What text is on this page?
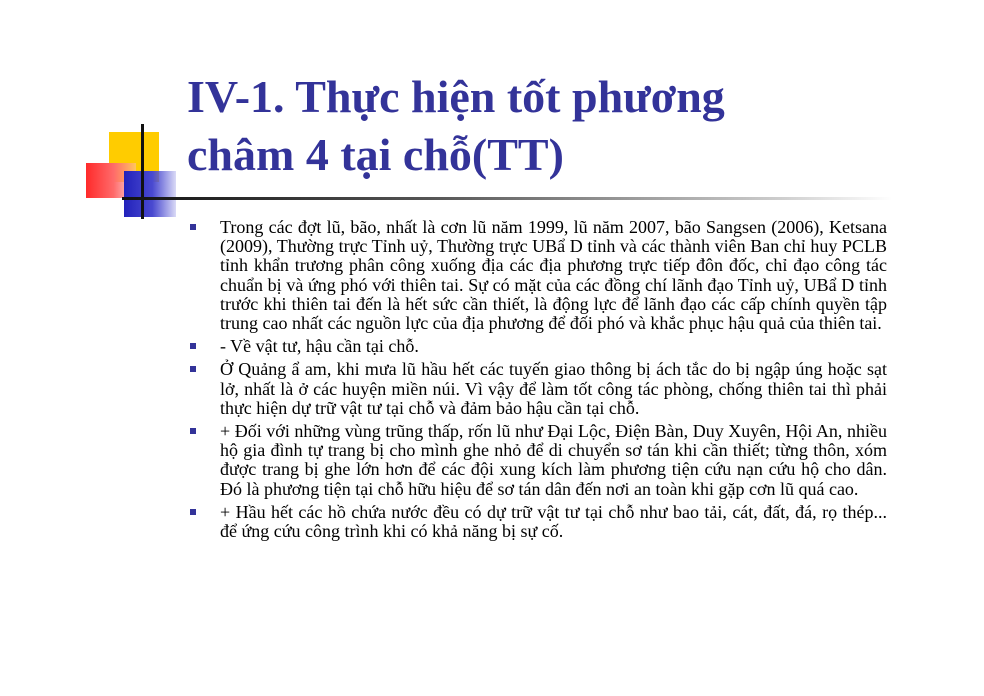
IV-1. Thực hiện tốt phương
châm 4 tại chỗ(TT)
Trong các đợt lũ, bão, nhất là cơn lũ năm 1999, lũ năm 2007, bão Sangsen (2006), Ketsana (2009), Thường trực Tỉnh uỷ, Thường trực UBẩ D tỉnh và các thành viên Ban chỉ huy PCLB tỉnh khẩn trương phân công xuống địa các địa phương trực tiếp đôn đốc, chỉ đạo công tác chuẩn bị và ứng phó với thiên tai. Sự có mặt của các đồng chí lãnh đạo Tỉnh uỷ, UBẩ D tỉnh trước khi thiên tai đến là hết sức cần thiết, là động lực để lãnh đạo các cấp chính quyền tập trung cao nhất các nguồn lực của địa phương để đối phó và khắc phục hậu quả của thiên tai.
- Về vật tư, hậu cần tại chỗ.
Ở Quảng ẩ am, khi mưa lũ hầu hết các tuyến giao thông bị ách tắc do bị ngập úng hoặc sạt lở, nhất là ở các huyện miền núi. Vì vậy để làm tốt công tác phòng, chống thiên tai thì phải thực hiện dự trữ vật tư tại chỗ và đảm bảo hậu cần tại chỗ.
+ Đối với những vùng trũng thấp, rốn lũ như Đại Lộc, Điện Bàn, Duy Xuyên, Hội An, nhiều hộ gia đình tự trang bị cho mình ghe nhỏ để di chuyển sơ tán khi cần thiết; từng thôn, xóm được trang bị ghe lớn hơn để các đội xung kích làm phương tiện cứu nạn cứu hộ cho dân. Đó là phương tiện tại chỗ hữu hiệu để sơ tán dân đến nơi an toàn khi gặp cơn lũ quá cao.
+ Hầu hết các hồ chứa nước đều có dự trữ vật tư tại chỗ như bao tải, cát, đất, đá, rọ thép... để ứng cứu công trình khi có khả năng bị sự cố.
